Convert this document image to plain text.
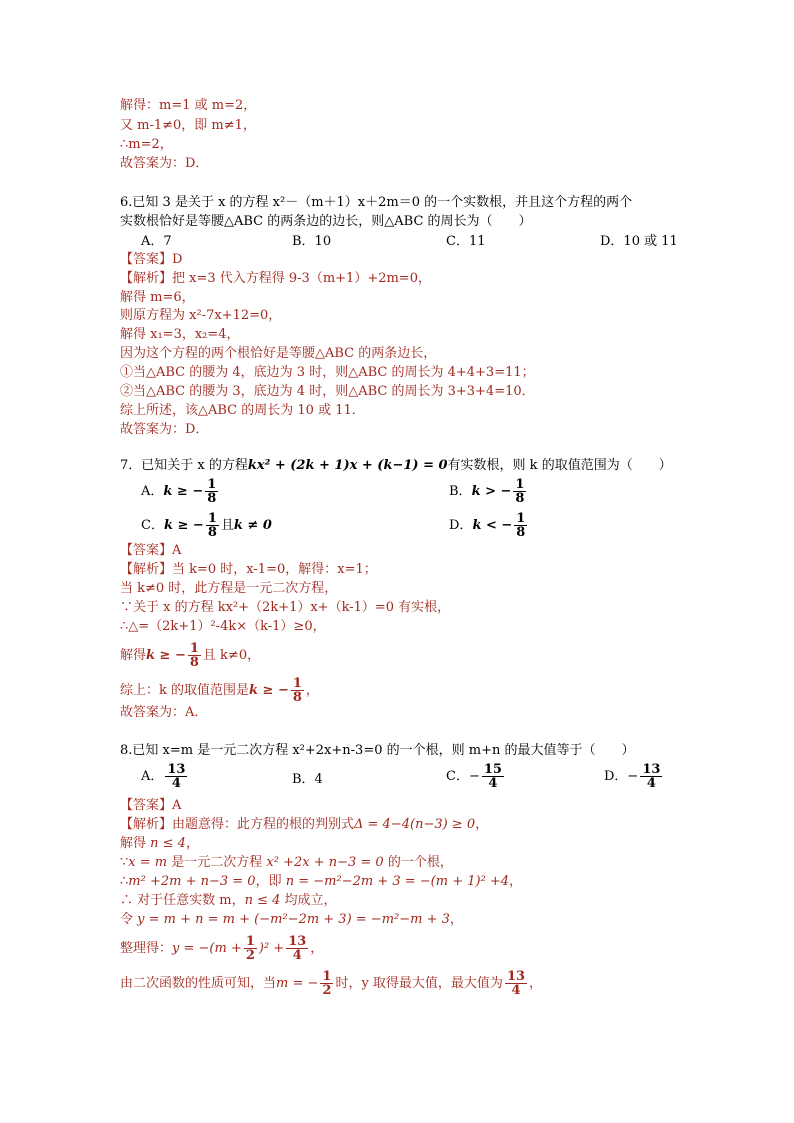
解得：m=1 或 m=2，
又 m-1≠0，即 m≠1，
∴m=2，
故答案为：D．
6.已知 3 是关于 x 的方程 x²－（m＋1）x＋2m＝0 的一个实数根，并且这个方程的两个
实数根恰好是等腰△ABC 的两条边的边长，则△ABC 的周长为（　　）
A．7	B．10	C．11	D．10 或 11
【答案】D
【解析】把 x=3 代入方程得 9-3（m+1）+2m=0，
解得 m=6，
则原方程为 x²-7x+12=0，
解得 x₁=3，x₂=4，
因为这个方程的两个根恰好是等腰△ABC 的两条边长，
①当△ABC 的腰为 4，底边为 3 时，则△ABC 的周长为 4+4+3=11；
②当△ABC 的腰为 3，底边为 4 时，则△ABC 的周长为 3+3+4=10．
综上所述，该△ABC 的周长为 10 或 11．
故答案为：D．
7．已知关于 x 的方程kx² + (2k + 1)x + (k−1) = 0有实数根，则 k 的取值范围为（　　）
A．k ≥ − $\frac{1}{8}$	B．k > − $\frac{1}{8}$
C．k ≥ − $\frac{1}{8}$ 且k ≠ 0	D．k < − $\frac{1}{8}$
【答案】A
【解析】当 k=0 时，x-1=0，解得：x=1；
当 k≠0 时，此方程是一元二次方程，
∵关于 x 的方程 kx²+（2k+1）x+（k-1）=0 有实根，
∴△=（2k+1）²-4k×（k-1）≥0，
解得k ≥ − $\frac{1}{8}$ 且 k≠0，
综上：k 的取值范围是k ≥ − $\frac{1}{8}$ ，
故答案为：A．
8.已知 x=m 是一元二次方程 x²+2x+n-3=0 的一个根，则 m+n 的最大值等于（　　）
A． $\frac{13}{4}$	B．4	C．− $\frac{15}{4}$	D．− $\frac{13}{4}$
【答案】A
【解析】由题意得：此方程的根的判别式Δ = 4−4(n−3) ≥ 0，
解得 n ≤ 4，
∵x = m 是一元二次方程 x² +2x + n−3 = 0 的一个根，
∴m² +2m + n−3 = 0，即 n = −m²−2m + 3 = −(m + 1)² +4，
∴ 对于任意实数 m，n ≤ 4 均成立，
令 y = m + n = m + (−m²−2m + 3) = −m²−m + 3，
整理得：$y = -(m + \frac{1}{2} )^2 + \frac{13}{4}$ ，
由二次函数的性质可知，当m = − $\frac{1}{2}$ 时，y 取得最大值，最大值为 $\frac{13}{4}$ ，
